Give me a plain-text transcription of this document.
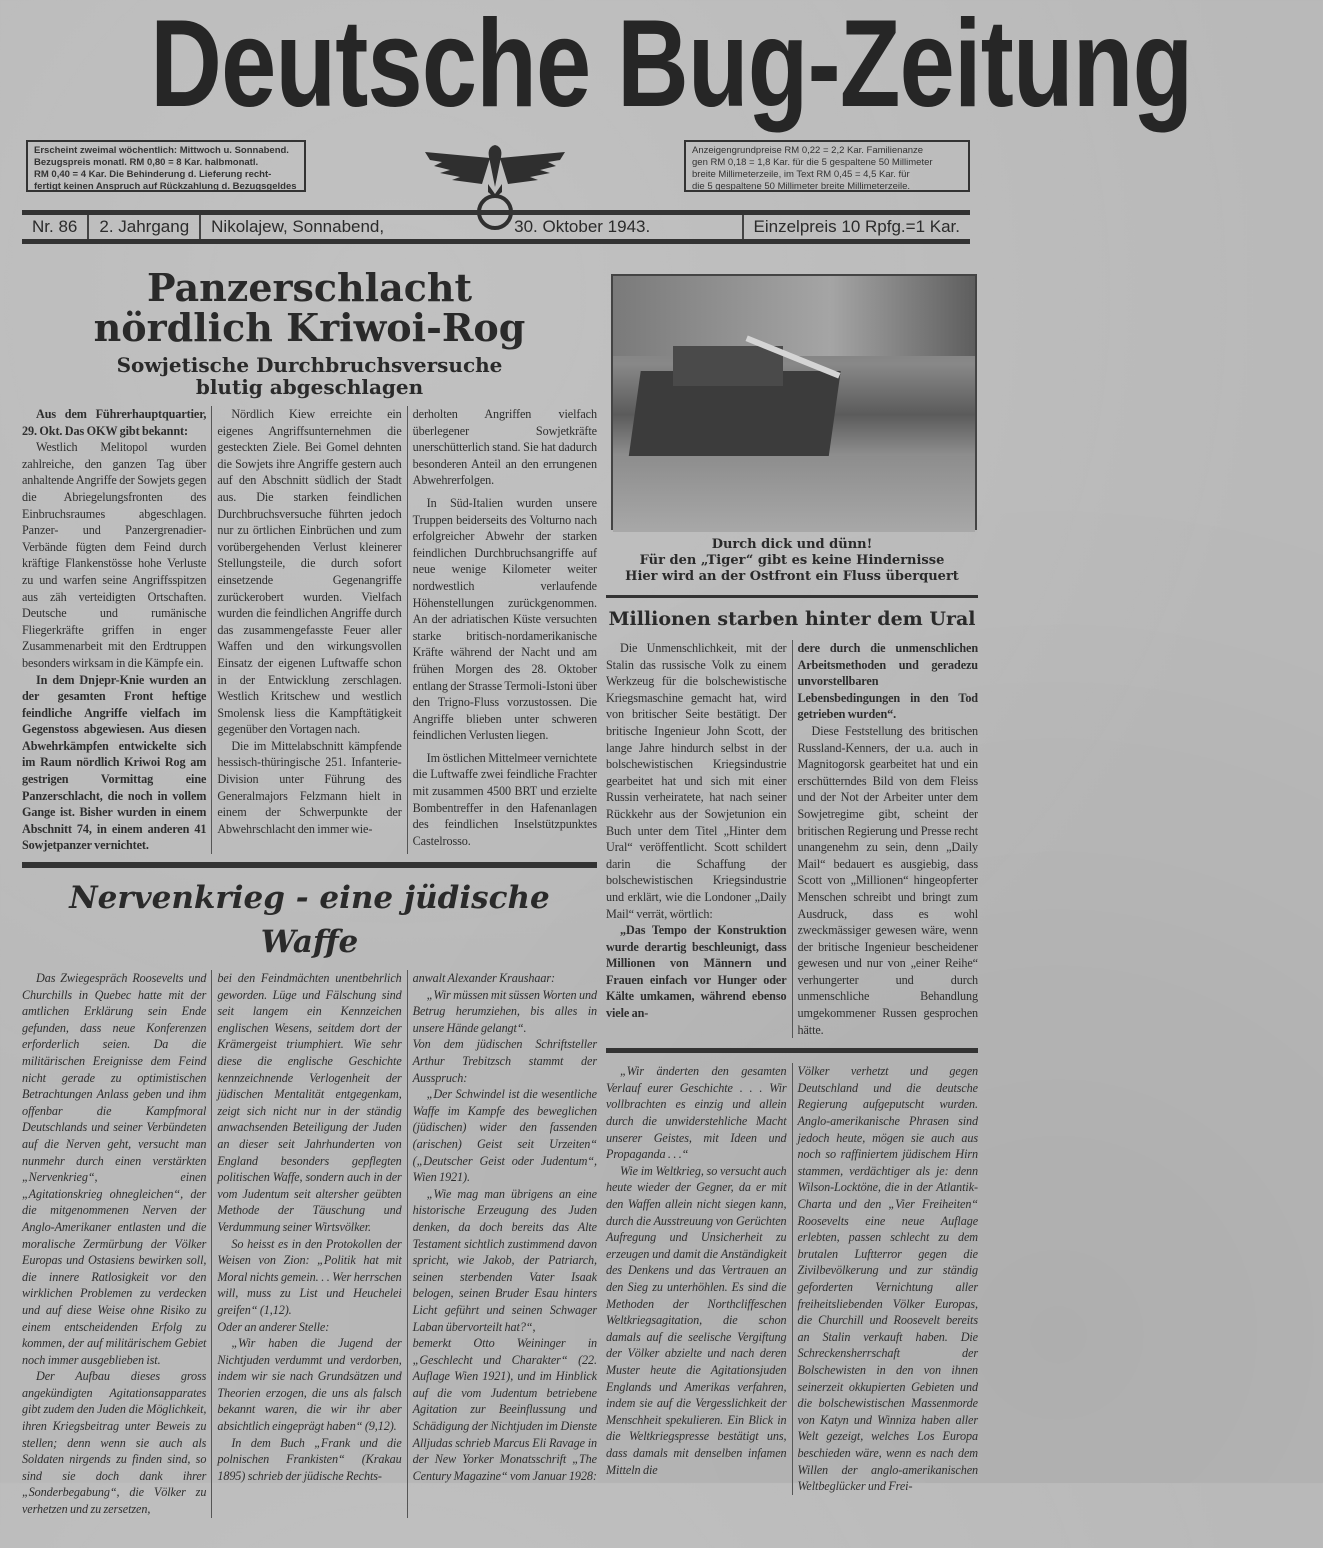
Deutsche Bug-Zeitung
Erscheint zweimal wöchentlich: Mittwoch u. Sonnabend.
Bezugspreis monatl. RM 0,80 = 8 Kar. halbmonatl.
RM 0,40 = 4 Kar. Die Behinderung d. Lieferung recht-
fertigt keinen Anspruch auf Rückzahlung d. Bezugsgeldes
Anzeigengrundpreise RM 0,22 = 2,2 Kar. Familienanze
gen RM 0,18 = 1,8 Kar. für die 5 gespaltene 50 Millimeter
breite Millimeterzeile, im Text RM 0,45 = 4,5 Kar. für
die 5 gespaltene 50 Millimeter breite Millimeterzeile.
Nr. 86	2. Jahrgang	Nikolajew, Sonnabend,	30. Oktober 1943.	Einzelpreis 10 Rpfg.=1 Kar.
Panzerschlacht
nördlich Kriwoi-Rog
Sowjetische Durchbruchsversuche
blutig abgeschlagen

Aus dem Führerhauptquartier, 29. Okt. Das OKW gibt bekannt:

Westlich Melitopol wurden zahlreiche, den ganzen Tag über anhaltende Angriffe der Sowjets gegen die Abriegelungsfronten des Einbruchsraumes abgeschlagen. Panzer- und Panzergrenadier-Verbände fügten dem Feind durch kräftige Flankenstösse hohe Verluste zu und warfen seine Angriffsspitzen aus zäh verteidigten Ortschaften. Deutsche und rumänische Fliegerkräfte griffen in enger Zusammenarbeit mit den Erdtruppen besonders wirksam in die Kämpfe ein.

In dem Dnjepr-Knie wurden an der gesamten Front heftige feindliche Angriffe vielfach im Gegenstoss abgewiesen. Aus diesen Abwehrkämpfen entwickelte sich im Raum nördlich Kriwoi Rog am gestrigen Vormittag eine Panzerschlacht, die noch in vollem Gange ist. Bisher wurden in einem Abschnitt 74, in einem anderen 41 Sowjetpanzer vernichtet.

Nördlich Kiew erreichte ein eigenes Angriffsunternehmen die gesteckten Ziele. Bei Gomel dehnten die Sowjets ihre Angriffe gestern auch auf den Abschnitt südlich der Stadt aus. Die starken feindlichen Durchbruchsversuche führten jedoch nur zu örtlichen Einbrüchen und zum vorübergehenden Verlust kleinerer Stellungsteile, die durch sofort einsetzende Gegenangriffe zurückerobert wurden. Vielfach wurden die feindlichen Angriffe durch das zusammengefasste Feuer aller Waffen und den wirkungsvollen Einsatz der eigenen Luftwaffe schon in der Entwicklung zerschlagen. Westlich Kritschew und westlich Smolensk liess die Kampftätigkeit gegenüber den Vortagen nach.

Die im Mittelabschnitt kämpfende hessisch-thüringische 251. Infanterie-Division unter Führung des Generalmajors Felzmann hielt in einem der Schwerpunkte der Abwehrschlacht den immer wie-

derholten Angriffen vielfach überlegener Sowjetkräfte unerschütterlich stand. Sie hat dadurch besonderen Anteil an den errungenen Abwehrerfolgen.

In Süd-Italien wurden unsere Truppen beiderseits des Volturno nach erfolgreicher Abwehr der starken feindlichen Durchbruchsangriffe auf neue wenige Kilometer weiter nordwestlich verlaufende Höhenstellungen zurückgenommen. An der adriatischen Küste versuchten starke britisch-nordamerikanische Kräfte während der Nacht und am frühen Morgen des 28. Oktober entlang der Strasse Termoli-Istoni über den Trigno-Fluss vorzustossen. Die Angriffe blieben unter schweren feindlichen Verlusten liegen.

Im östlichen Mittelmeer vernichtete die Luftwaffe zwei feindliche Frachter mit zusammen 4500 BRT und erzielte Bombentreffer in den Hafenanlagen des feindlichen Inselstützpunktes Castelrosso.

Nervenkrieg - eine jüdische Waffe

Das Zwiegespräch Roosevelts und Churchills in Quebec hatte mit der amtlichen Erklärung sein Ende gefunden, dass neue Konferenzen erforderlich seien. Da die militärischen Ereignisse dem Feind nicht gerade zu optimistischen Betrachtungen Anlass geben und ihm offenbar die Kampfmoral Deutschlands und seiner Verbündeten auf die Nerven geht, versucht man nunmehr durch einen verstärkten „Nervenkrieg“, einen „Agitationskrieg ohnegleichen“, der die mitgenommenen Nerven der Anglo-Amerikaner entlasten und die moralische Zermürbung der Völker Europas und Ostasiens bewirken soll, die innere Ratlosigkeit vor den wirklichen Problemen zu verdecken und auf diese Weise ohne Risiko zu einem entscheidenden Erfolg zu kommen, der auf militärischem Gebiet noch immer ausgeblieben ist.

Der Aufbau dieses gross angekündigten Agitationsapparates gibt zudem den Juden die Möglichkeit, ihren Kriegsbeitrag unter Beweis zu stellen; denn wenn sie auch als Soldaten nirgends zu finden sind, so sind sie doch dank ihrer „Sonderbegabung“, die Völker zu verhetzen und zu zersetzen,

bei den Feindmächten unentbehrlich geworden. Lüge und Fälschung sind seit langem ein Kennzeichen englischen Wesens, seitdem dort der Krämergeist triumphiert. Wie sehr diese die englische Geschichte kennzeichnende Verlogenheit der jüdischen Mentalität entgegenkam, zeigt sich nicht nur in der ständig anwachsenden Beteiligung der Juden an dieser seit Jahrhunderten von England besonders gepflegten politischen Waffe, sondern auch in der vom Judentum seit altersher geübten Methode der Täuschung und Verdummung seiner Wirtsvölker.

So heisst es in den Protokollen der Weisen von Zion: „Politik hat mit Moral nichts gemein. . . Wer herrschen will, muss zu List und Heuchelei greifen“ (1,12).

Oder an anderer Stelle:

„Wir haben die Jugend der Nichtjuden verdummt und verdorben, indem wir sie nach Grundsätzen und Theorien erzogen, die uns als falsch bekannt waren, die wir ihr aber absichtlich eingeprägt haben“ (9,12).

In dem Buch „Frank und die polnischen Frankisten“ (Krakau 1895) schrieb der jüdische Rechts-

anwalt Alexander Kraushaar:

„Wir müssen mit süssen Worten und Betrug herumziehen, bis alles in unsere Hände gelangt“.

Von dem jüdischen Schriftsteller Arthur Trebitzsch stammt der Ausspruch:

„Der Schwindel ist die wesentliche Waffe im Kampfe des beweglichen (jüdischen) wider den fassenden (arischen) Geist seit Urzeiten“ („Deutscher Geist oder Judentum“, Wien 1921).

„Wie mag man übrigens an eine historische Erzeugung des Juden denken, da doch bereits das Alte Testament sichtlich zustimmend davon spricht, wie Jakob, der Patriarch, seinen sterbenden Vater Isaak belogen, seinen Bruder Esau hinters Licht geführt und seinen Schwager Laban übervorteilt hat?“,

bemerkt Otto Weininger in „Geschlecht und Charakter“ (22. Auflage Wien 1921), und im Hinblick auf die vom Judentum betriebene Agitation zur Beeinflussung und Schädigung der Nichtjuden im Dienste Alljudas schrieb Marcus Eli Ravage in der New Yorker Monatsschrift „The Century Magazine“ vom Januar 1928:

Durch dick und dünn!
Für den „Tiger“ gibt es keine Hindernisse
Hier wird an der Ostfront ein Fluss überquert
Millionen starben hinter dem Ural

Die Unmenschlichkeit, mit der Stalin das russische Volk zu einem Werkzeug für die bolschewistische Kriegsmaschine gemacht hat, wird von britischer Seite bestätigt. Der britische Ingenieur John Scott, der lange Jahre hindurch selbst in der bolschewistischen Kriegsindustrie gearbeitet hat und sich mit einer Russin verheiratete, hat nach seiner Rückkehr aus der Sowjetunion ein Buch unter dem Titel „Hinter dem Ural“ veröffentlicht. Scott schildert darin die Schaffung der bolschewistischen Kriegsindustrie und erklärt, wie die Londoner „Daily Mail“ verrät, wörtlich:

„Das Tempo der Konstruktion wurde derartig beschleunigt, dass Millionen von Männern und Frauen einfach vor Hunger oder Kälte umkamen, während ebenso viele an-

dere durch die unmenschlichen Arbeitsmethoden und geradezu unvorstellbaren Lebensbedingungen in den Tod getrieben wurden“.

Diese Feststellung des britischen Russland-Kenners, der u.a. auch in Magnitogorsk gearbeitet hat und ein erschütterndes Bild von dem Fleiss und der Not der Arbeiter unter dem Sowjetregime gibt, scheint der britischen Regierung und Presse recht unangenehm zu sein, denn „Daily Mail“ bedauert es ausgiebig, dass Scott von „Millionen“ hingeopferter Menschen schreibt und bringt zum Ausdruck, dass es wohl zweckmässiger gewesen wäre, wenn der britische Ingenieur bescheidener gewesen und nur von „einer Reihe“ verhungerter und durch unmenschliche Behandlung umgekommener Russen gesprochen hätte.

„Wir änderten den gesamten Verlauf eurer Geschichte . . . Wir vollbrachten es einzig und allein durch die unwiderstehliche Macht unserer Geistes, mit Ideen und Propaganda . . .“

Wie im Weltkrieg, so versucht auch heute wieder der Gegner, da er mit den Waffen allein nicht siegen kann, durch die Ausstreuung von Gerüchten Aufregung und Unsicherheit zu erzeugen und damit die Anständigkeit des Denkens und das Vertrauen an den Sieg zu unterhöhlen. Es sind die Methoden der Northcliffeschen Weltkriegsagitation, die schon damals auf die seelische Vergiftung der Völker abzielte und nach deren Muster heute die Agitationsjuden Englands und Amerikas verfahren, indem sie auf die Vergesslichkeit der Menschheit spekulieren. Ein Blick in die Weltkriegspresse bestätigt uns, dass damals mit denselben infamen Mitteln die

Völker verhetzt und gegen Deutschland und die deutsche Regierung aufgeputscht wurden. Anglo-amerikanische Phrasen sind jedoch heute, mögen sie auch aus noch so raffiniertem jüdischem Hirn stammen, verdächtiger als je: denn Wilson-Locktöne, die in der Atlantik-Charta und den „Vier Freiheiten“ Roosevelts eine neue Auflage erlebten, passen schlecht zu dem brutalen Luftterror gegen die Zivilbevölkerung und zur ständig geforderten Vernichtung aller freiheitsliebenden Völker Europas, die Churchill und Roosevelt bereits an Stalin verkauft haben. Die Schreckensherrschaft der Bolschewisten in den von ihnen seinerzeit okkupierten Gebieten und die bolschewistischen Massenmorde von Katyn und Winniza haben aller Welt gezeigt, welches Los Europa beschieden wäre, wenn es nach dem Willen der anglo-amerikanischen Weltbeglücker und Frei-
